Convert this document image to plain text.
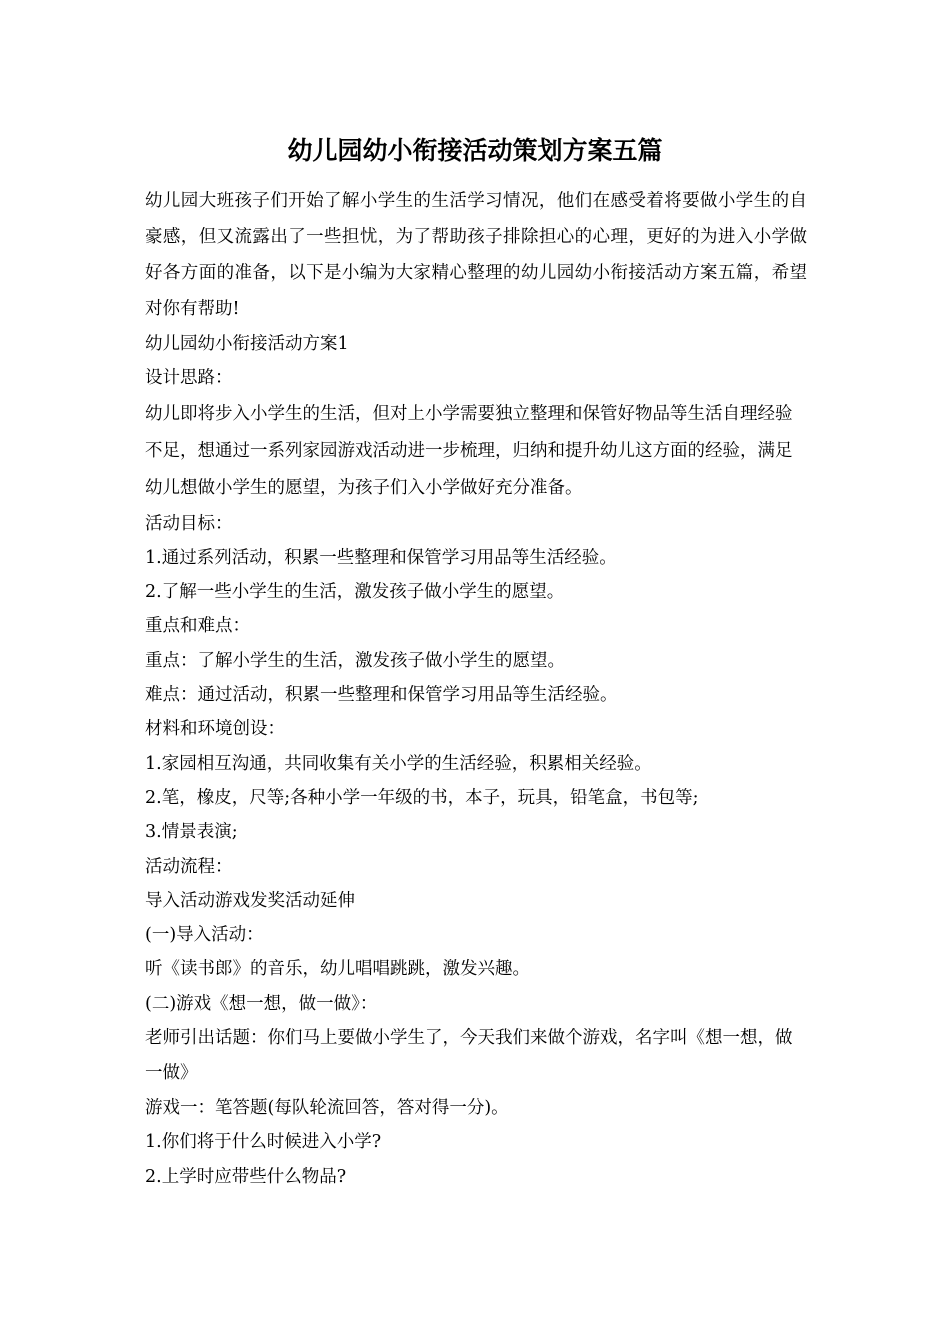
幼儿园幼小衔接活动策划方案五篇

幼儿园大班孩子们开始了解小学生的生活学习情况，他们在感受着将要做小学生的自豪感，但又流露出了一些担忧，为了帮助孩子排除担心的心理，更好的为进入小学做好各方面的准备，以下是小编为大家精心整理的幼儿园幼小衔接活动方案五篇，希望对你有帮助!

幼儿园幼小衔接活动方案1

设计思路：

幼儿即将步入小学生的生活，但对上小学需要独立整理和保管好物品等生活自理经验不足，想通过一系列家园游戏活动进一步梳理，归纳和提升幼儿这方面的经验，满足幼儿想做小学生的愿望，为孩子们入小学做好充分准备。

活动目标：

1.通过系列活动，积累一些整理和保管学习用品等生活经验。

2.了解一些小学生的生活，激发孩子做小学生的愿望。

重点和难点：

重点：了解小学生的生活，激发孩子做小学生的愿望。

难点：通过活动，积累一些整理和保管学习用品等生活经验。

材料和环境创设：

1.家园相互沟通，共同收集有关小学的生活经验，积累相关经验。

2.笔，橡皮，尺等;各种小学一年级的书，本子，玩具，铅笔盒，书包等;

3.情景表演;

活动流程：

导入活动游戏发奖活动延伸

(一)导入活动：

听《读书郎》的音乐，幼儿唱唱跳跳，激发兴趣。

(二)游戏《想一想，做一做》：

老师引出话题：你们马上要做小学生了，今天我们来做个游戏，名字叫《想一想，做一做》

游戏一：笔答题(每队轮流回答，答对得一分)。

1.你们将于什么时候进入小学?

2.上学时应带些什么物品?
